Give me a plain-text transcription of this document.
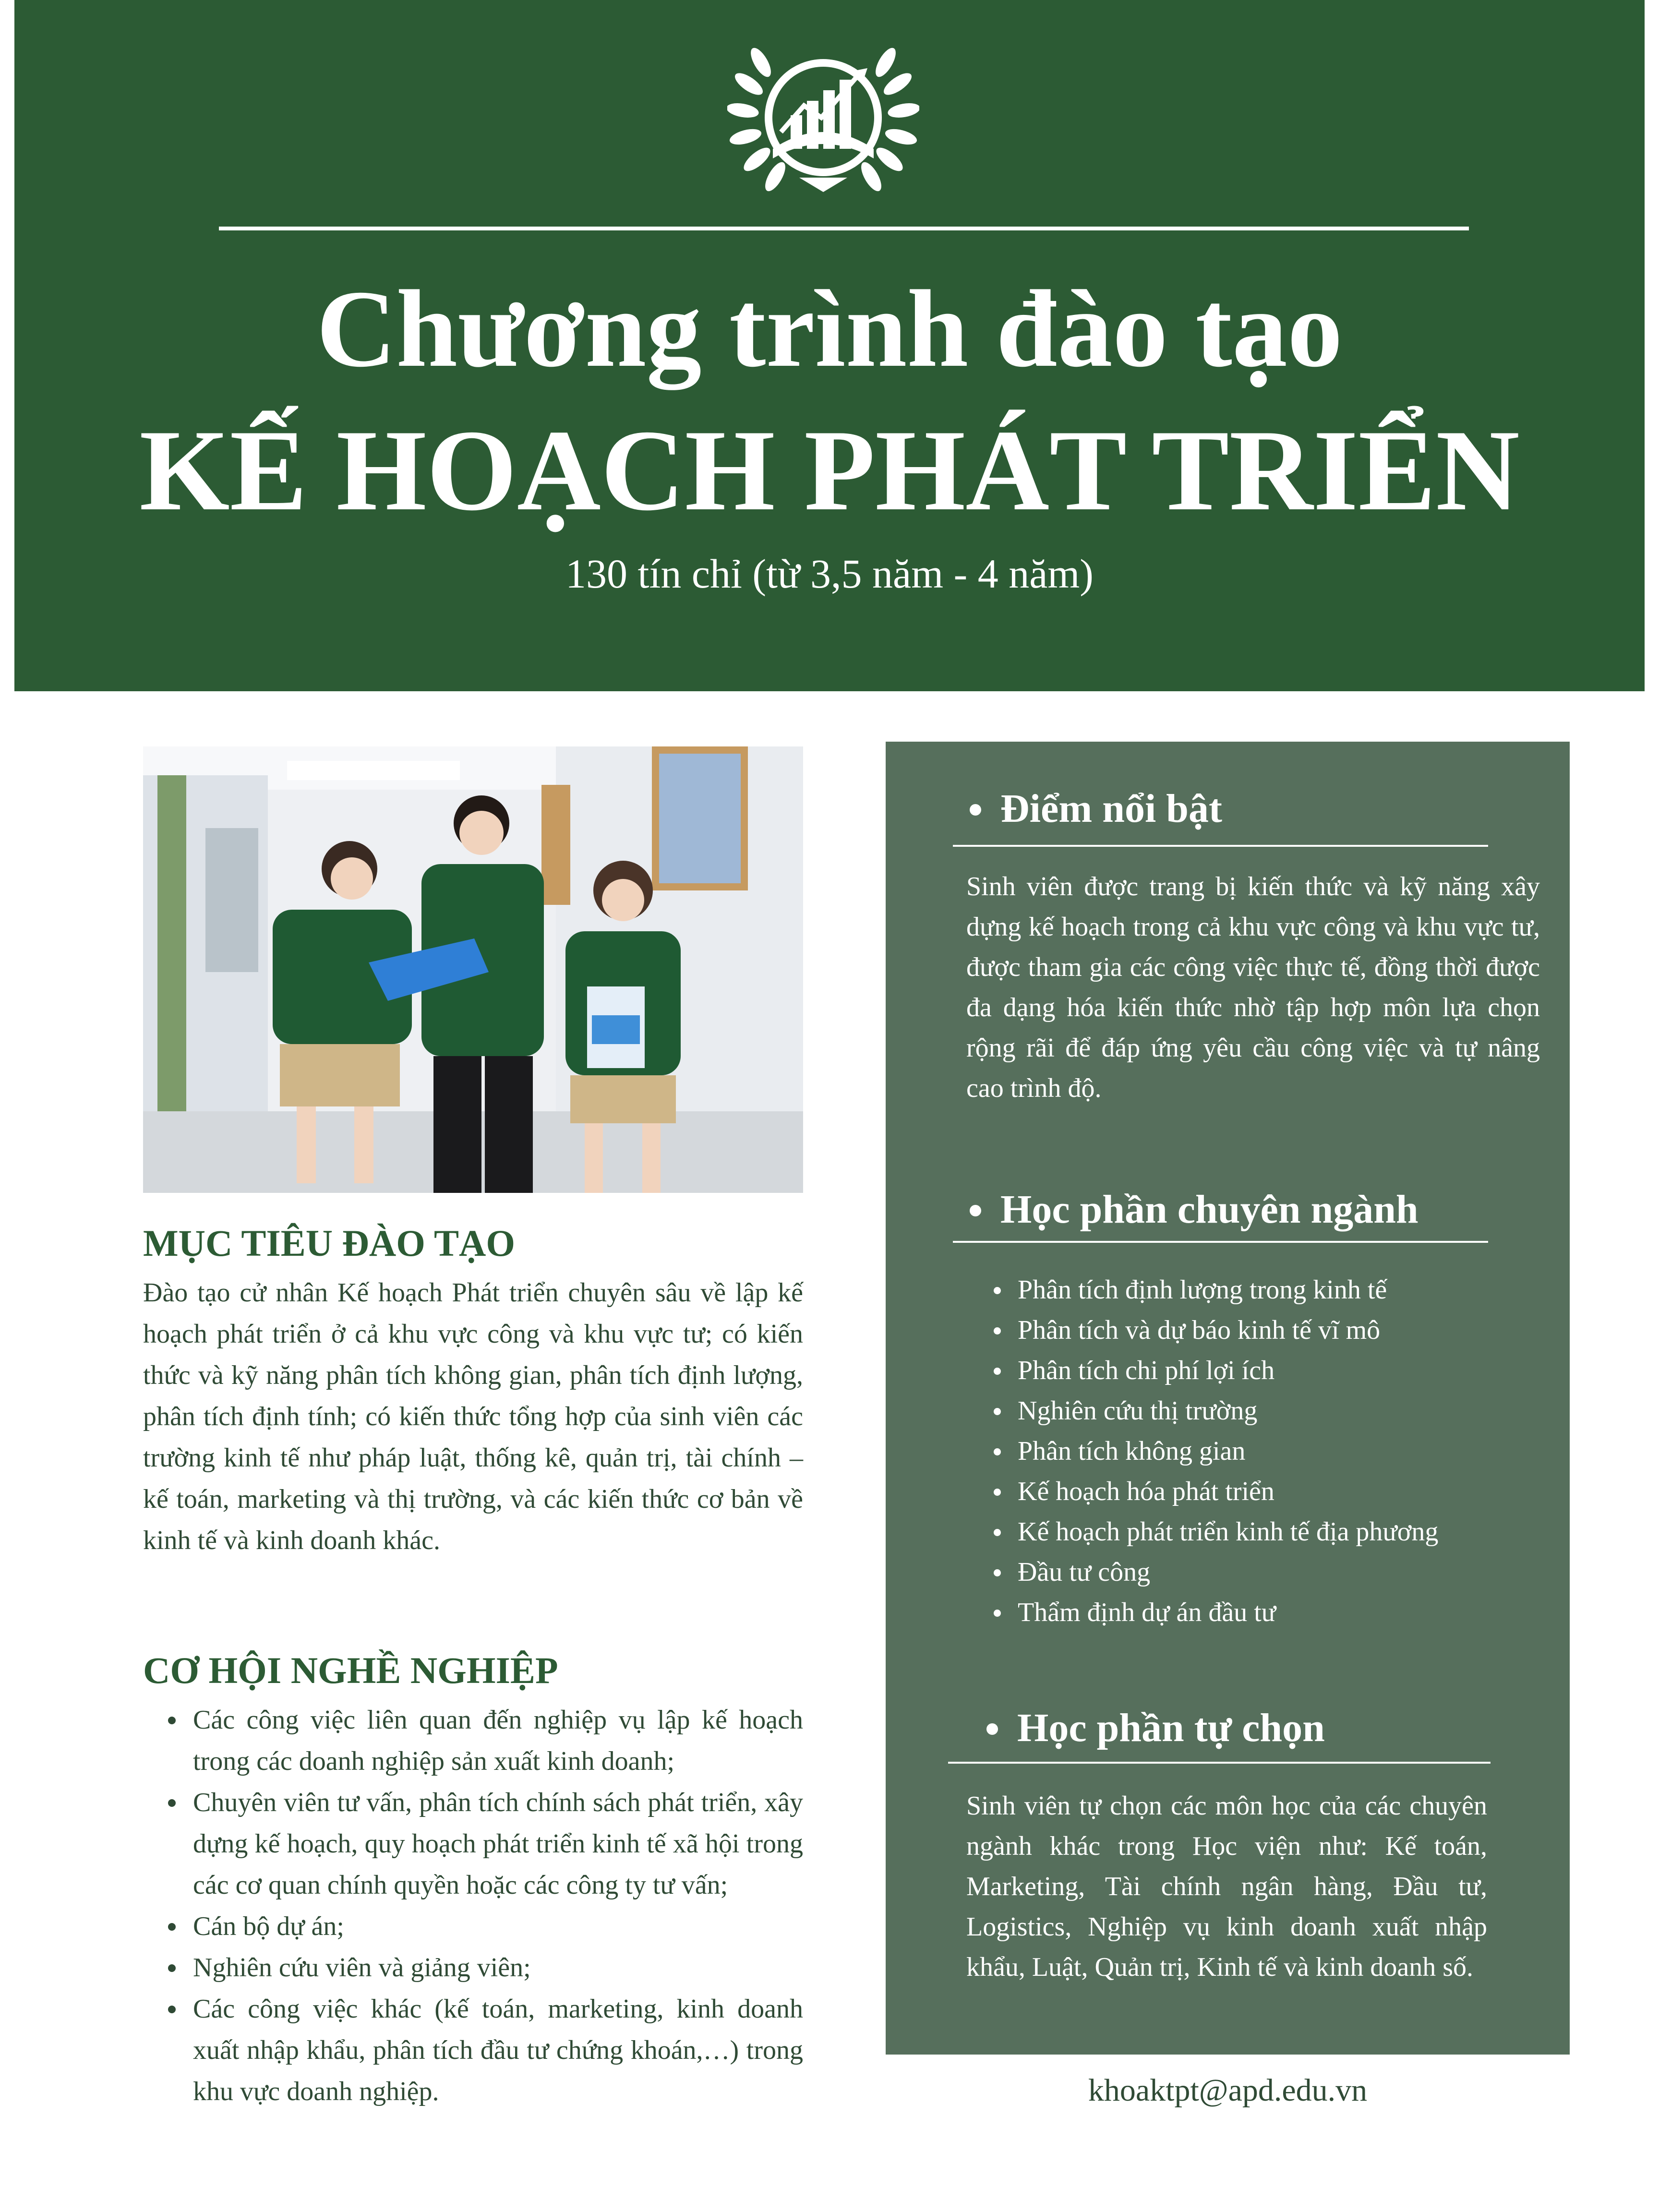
Chương trình đào tạo
KẾ HOẠCH PHÁT TRIỂN
130 tín chỉ (từ 3,5 năm - 4 năm)
MỤC TIÊU ĐÀO TẠO

Đào tạo cử nhân Kế hoạch Phát triển chuyên sâu về lập kế hoạch phát triển ở cả khu vực công và khu vực tư; có kiến thức và kỹ năng phân tích không gian, phân tích định lượng, phân tích định tính; có kiến thức tổng hợp của sinh viên các trường kinh tế như pháp luật, thống kê, quản trị, tài chính – kế toán, marketing và thị trường, và các kiến thức cơ bản về kinh tế và kinh doanh khác.

CƠ HỘI NGHỀ NGHIỆP
Các công việc liên quan đến nghiệp vụ lập kế hoạch trong các doanh nghiệp sản xuất kinh doanh;
Chuyên viên tư vấn, phân tích chính sách phát triển, xây dựng kế hoạch, quy hoạch phát triển kinh tế xã hội trong các cơ quan chính quyền hoặc các công ty tư vấn;
Cán bộ dự án;
Nghiên cứu viên và giảng viên;
Các công việc khác (kế toán, marketing, kinh doanh xuất nhập khẩu, phân tích đầu tư chứng khoán,…) trong khu vực doanh nghiệp.
Điểm nổi bật

Sinh viên được trang bị kiến thức và kỹ năng xây dựng kế hoạch trong cả khu vực công và khu vực tư, được tham gia các công việc thực tế, đồng thời được đa dạng hóa kiến thức nhờ tập hợp môn lựa chọn rộng rãi để đáp ứng yêu cầu công việc và tự nâng cao trình độ.

Học phần chuyên ngành
Phân tích định lượng trong kinh tế
Phân tích và dự báo kinh tế vĩ mô
Phân tích chi phí lợi ích
Nghiên cứu thị trường
Phân tích không gian
Kế hoạch hóa phát triển
Kế hoạch phát triển kinh tế địa phương
Đầu tư công
Thẩm định dự án đầu tư
Học phần tự chọn

Sinh viên tự chọn các môn học của các chuyên ngành khác trong Học viện như: Kế toán, Marketing, Tài chính ngân hàng, Đầu tư, Logistics, Nghiệp vụ kinh doanh xuất nhập khẩu, Luật, Quản trị, Kinh tế và kinh doanh số.

khoaktpt@apd.edu.vn
